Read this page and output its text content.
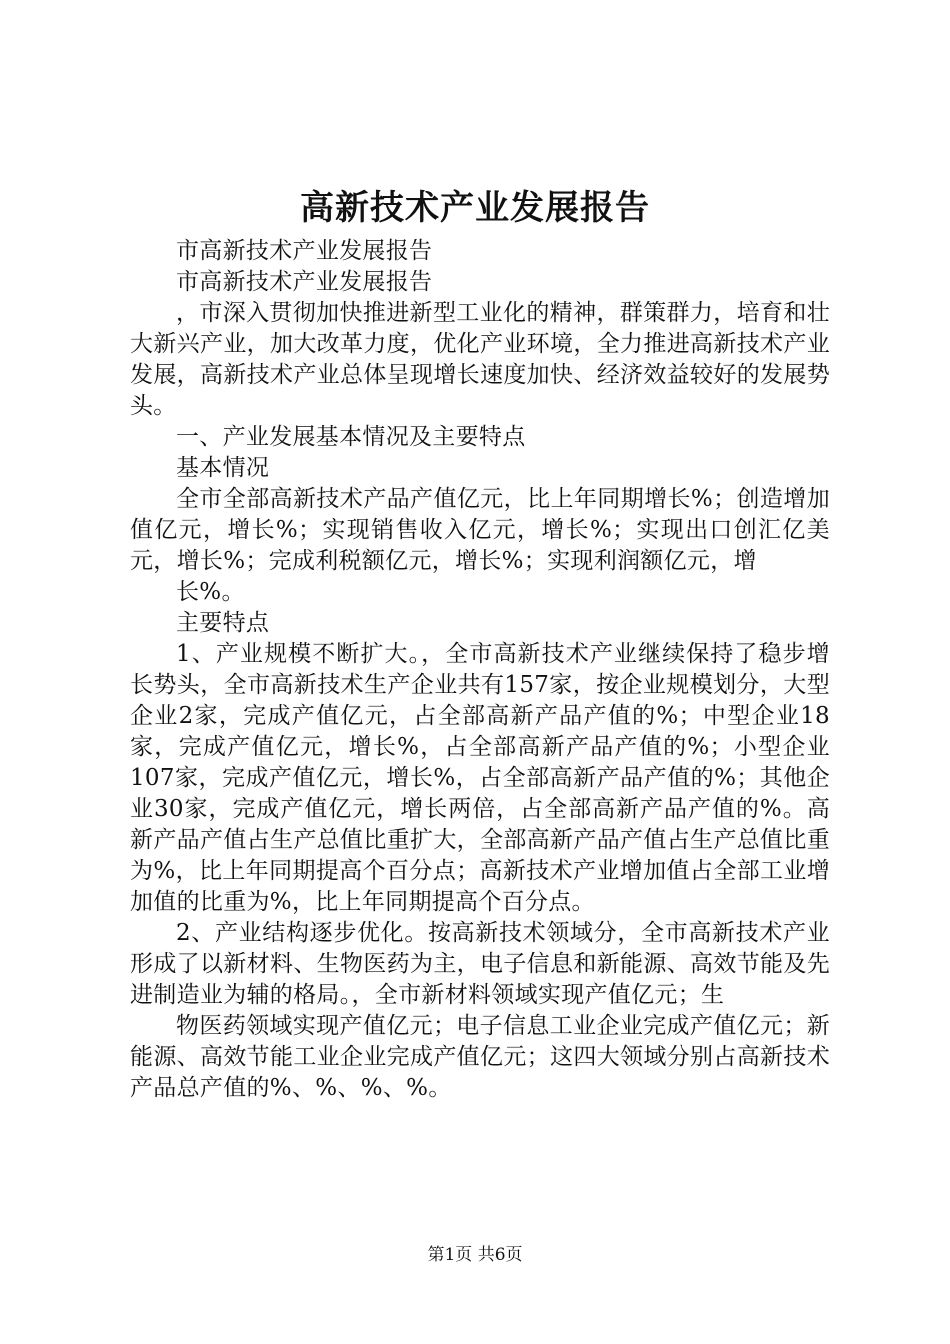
高新技术产业发展报告

市高新技术产业发展报告

市高新技术产业发展报告

，市深入贯彻加快推进新型工业化的精神，群策群力，培育和壮大新兴产业，加大改革力度，优化产业环境，全力推进高新技术产业发展，高新技术产业总体呈现增长速度加快、经济效益较好的发展势头。

一、产业发展基本情况及主要特点

基本情况

全市全部高新技术产品产值亿元，比上年同期增长%；创造增加值亿元，增长%；实现销售收入亿元，增长%；实现出口创汇亿美元，增长%；完成利税额亿元，增长%；实现利润额亿元，增

长%。

主要特点

1、产业规模不断扩大。，全市高新技术产业继续保持了稳步增长势头，全市高新技术生产企业共有157家，按企业规模划分，大型企业2家，完成产值亿元，占全部高新产品产值的%；中型企业18家，完成产值亿元，增长%，占全部高新产品产值的%；小型企业107家，完成产值亿元，增长%，占全部高新产品产值的%；其他企业30家，完成产值亿元，增长两倍，占全部高新产品产值的%。高新产品产值占生产总值比重扩大，全部高新产品产值占生产总值比重为%，比上年同期提高个百分点；高新技术产业增加值占全部工业增加值的比重为%，比上年同期提高个百分点。

2、产业结构逐步优化。按高新技术领域分，全市高新技术产业形成了以新材料、生物医药为主，电子信息和新能源、高效节能及先进制造业为辅的格局。，全市新材料领域实现产值亿元；生

物医药领域实现产值亿元；电子信息工业企业完成产值亿元；新能源、高效节能工业企业完成产值亿元；这四大领域分别占高新技术产品总产值的%、%、%、%。

第1页 共6页
